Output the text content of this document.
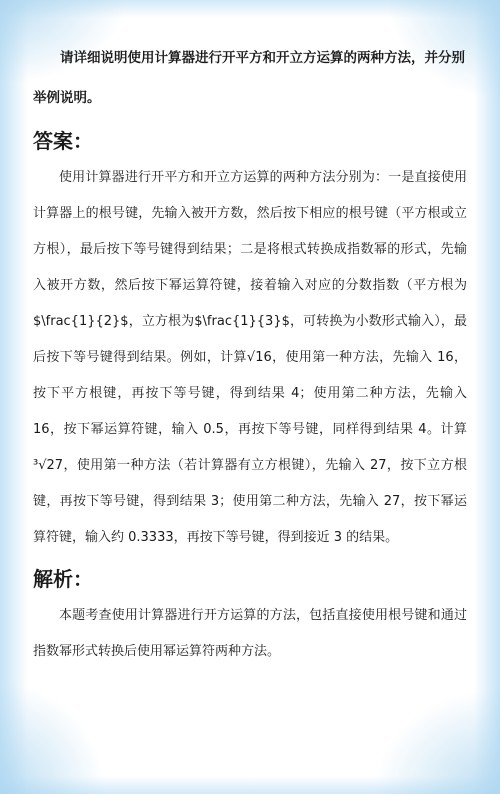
请详细说明使用计算器进行开平方和开立方运算的两种方法，并分别举例说明。

答案：

使用计算器进行开平方和开立方运算的两种方法分别为：一是直接使用计算器上的根号键，先输入被开方数，然后按下相应的根号键（平方根或立方根），最后按下等号键得到结果；二是将根式转换成指数幂的形式，先输入被开方数，然后按下幂运算符键，接着输入对应的分数指数（平方根为$\frac{1}{2}$，立方根为$\frac{1}{3}$，可转换为小数形式输入），最后按下等号键得到结果。例如，计算√16，使用第一种方法，先输入 16，按下平方根键，再按下等号键，得到结果 4；使用第二种方法，先输入 16，按下幂运算符键，输入 0.5，再按下等号键，同样得到结果 4。计算 ³√27，使用第一种方法（若计算器有立方根键），先输入 27，按下立方根键，再按下等号键，得到结果 3；使用第二种方法，先输入 27，按下幂运算符键，输入约 0.3333，再按下等号键，得到接近 3 的结果。

解析：

本题考查使用计算器进行开方运算的方法，包括直接使用根号键和通过指数幂形式转换后使用幂运算符两种方法。
